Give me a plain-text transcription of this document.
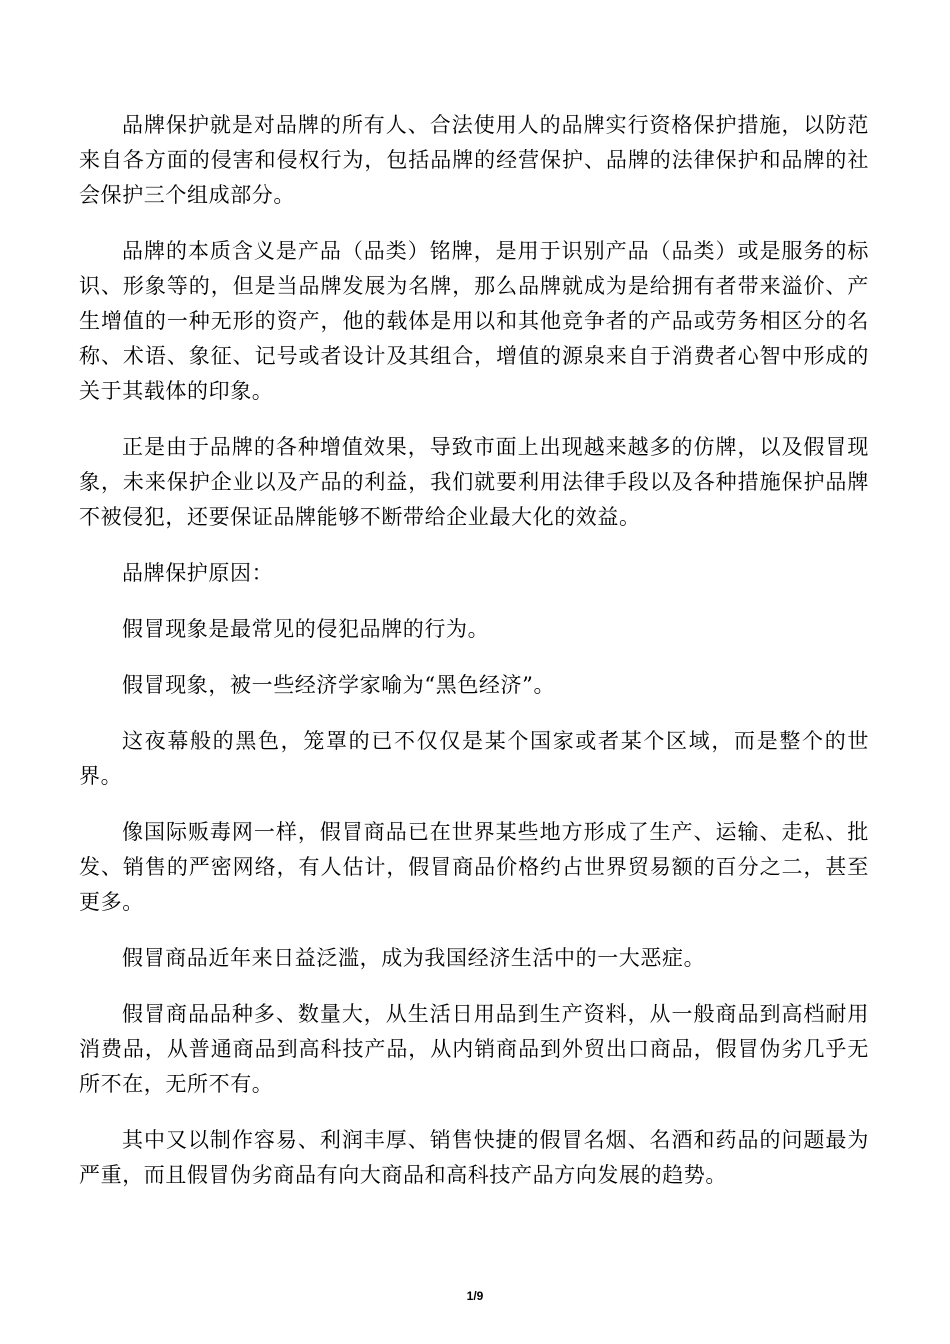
品牌保护就是对品牌的所有人、合法使用人的品牌实行资格保护措施，以防范来自各方面的侵害和侵权行为，包括品牌的经营保护、品牌的法律保护和品牌的社会保护三个组成部分。

品牌的本质含义是产品（品类）铭牌，是用于识别产品（品类）或是服务的标识、形象等的，但是当品牌发展为名牌，那么品牌就成为是给拥有者带来溢价、产生增值的一种无形的资产，他的载体是用以和其他竞争者的产品或劳务相区分的名称、术语、象征、记号或者设计及其组合，增值的源泉来自于消费者心智中形成的关于其载体的印象。

正是由于品牌的各种增值效果，导致市面上出现越来越多的仿牌，以及假冒现象，未来保护企业以及产品的利益，我们就要利用法律手段以及各种措施保护品牌不被侵犯，还要保证品牌能够不断带给企业最大化的效益。

品牌保护原因：

假冒现象是最常见的侵犯品牌的行为。

假冒现象，被一些经济学家喻为“黑色经济”。

这夜幕般的黑色，笼罩的已不仅仅是某个国家或者某个区域，而是整个的世界。

像国际贩毒网一样，假冒商品已在世界某些地方形成了生产、运输、走私、批发、销售的严密网络，有人估计，假冒商品价格约占世界贸易额的百分之二，甚至更多。

假冒商品近年来日益泛滥，成为我国经济生活中的一大恶症。

假冒商品品种多、数量大，从生活日用品到生产资料，从一般商品到高档耐用消费品，从普通商品到高科技产品，从内销商品到外贸出口商品，假冒伪劣几乎无所不在，无所不有。

其中又以制作容易、利润丰厚、销售快捷的假冒名烟、名酒和药品的问题最为严重，而且假冒伪劣商品有向大商品和高科技产品方向发展的趋势。

1/9
